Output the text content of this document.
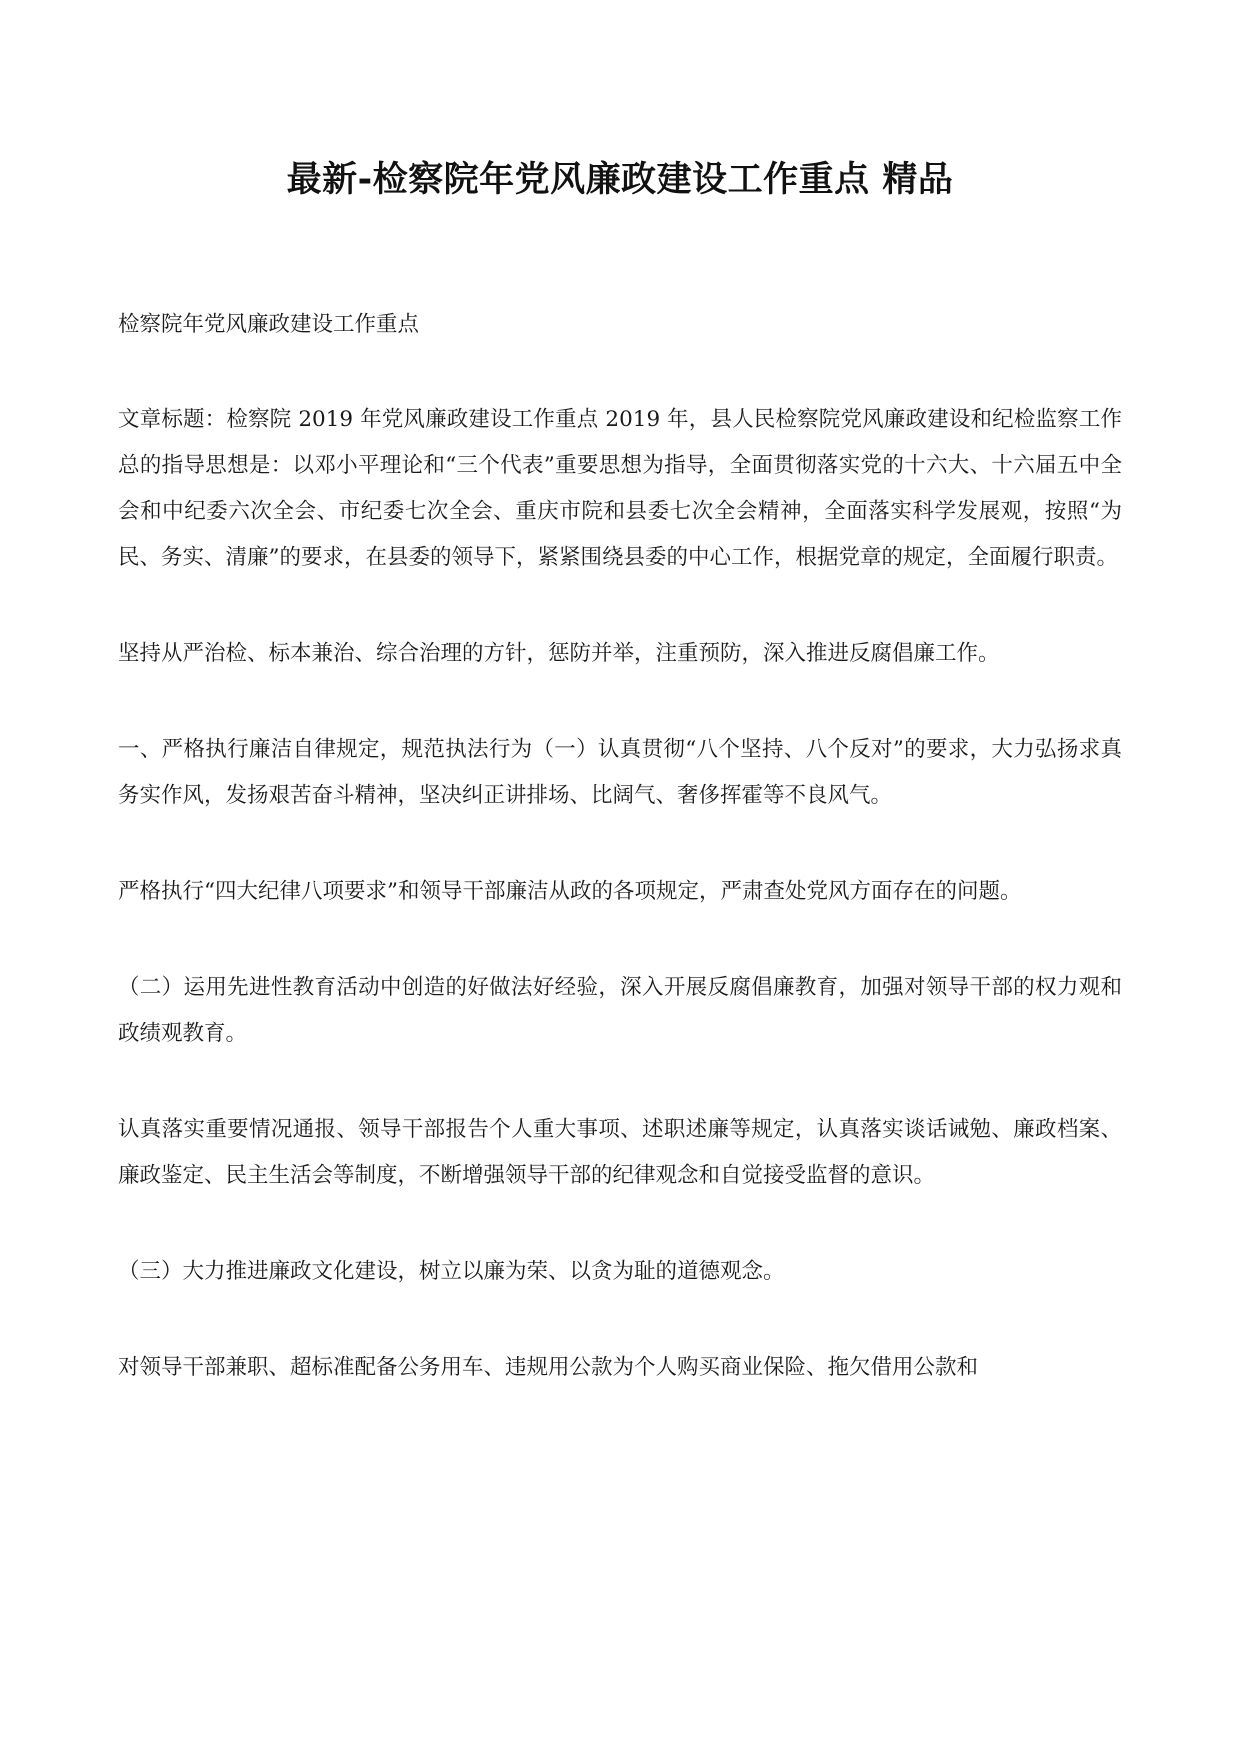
最新-检察院年党风廉政建设工作重点 精品

检察院年党风廉政建设工作重点

文章标题：检察院 2019 年党风廉政建设工作重点 2019 年，县人民检察院党风廉政建设和纪检监察工作总的指导思想是：以邓小平理论和“三个代表”重要思想为指导，全面贯彻落实党的十六大、十六届五中全会和中纪委六次全会、市纪委七次全会、重庆市院和县委七次全会精神，全面落实科学发展观，按照“为民、务实、清廉”的要求，在县委的领导下，紧紧围绕县委的中心工作，根据党章的规定，全面履行职责。

坚持从严治检、标本兼治、综合治理的方针，惩防并举，注重预防，深入推进反腐倡廉工作。

一、严格执行廉洁自律规定，规范执法行为（一）认真贯彻“八个坚持、八个反对”的要求，大力弘扬求真务实作风，发扬艰苦奋斗精神，坚决纠正讲排场、比阔气、奢侈挥霍等不良风气。

严格执行“四大纪律八项要求”和领导干部廉洁从政的各项规定，严肃查处党风方面存在的问题。

（二）运用先进性教育活动中创造的好做法好经验，深入开展反腐倡廉教育，加强对领导干部的权力观和政绩观教育。

认真落实重要情况通报、领导干部报告个人重大事项、述职述廉等规定，认真落实谈话诫勉、廉政档案、廉政鉴定、民主生活会等制度，不断增强领导干部的纪律观念和自觉接受监督的意识。

（三）大力推进廉政文化建设，树立以廉为荣、以贪为耻的道德观念。

对领导干部兼职、超标准配备公务用车、违规用公款为个人购买商业保险、拖欠借用公款和
